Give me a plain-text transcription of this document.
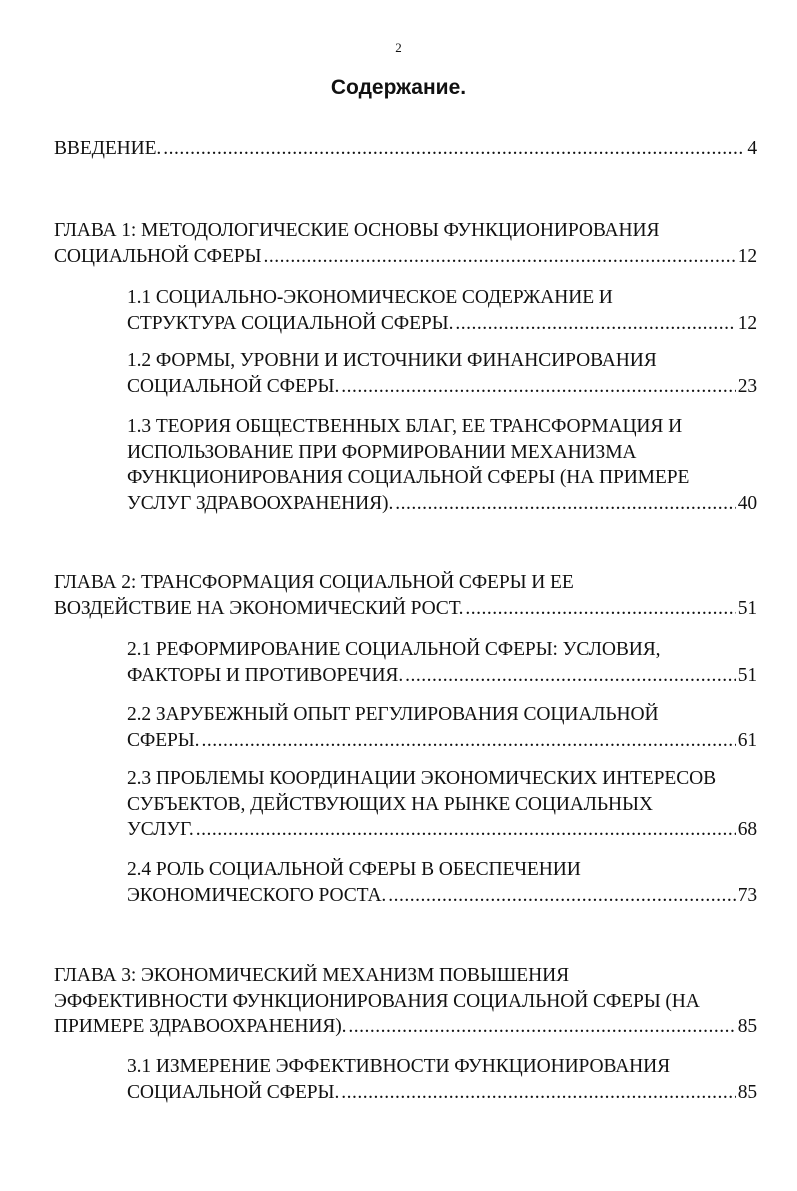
2
Содержание.
ВВЕДЕНИЕ. .....	4
ГЛАВА 1: МЕТОДОЛОГИЧЕСКИЕ ОСНОВЫ ФУНКЦИОНИРОВАНИЯ
СОЦИАЛЬНОЙ СФЕРЫ .....	12
1.1 СОЦИАЛЬНО-ЭКОНОМИЧЕСКОЕ СОДЕРЖАНИЕ И
СТРУКТУРА СОЦИАЛЬНОЙ СФЕРЫ. .....	12
1.2 ФОРМЫ, УРОВНИ И ИСТОЧНИКИ ФИНАНСИРОВАНИЯ
СОЦИАЛЬНОЙ СФЕРЫ. .....	23
1.3 ТЕОРИЯ ОБЩЕСТВЕННЫХ БЛАГ, ЕЕ ТРАНСФОРМАЦИЯ И
ИСПОЛЬЗОВАНИЕ ПРИ ФОРМИРОВАНИИ МЕХАНИЗМА
ФУНКЦИОНИРОВАНИЯ СОЦИАЛЬНОЙ СФЕРЫ (НА ПРИМЕРЕ
УСЛУГ ЗДРАВООХРАНЕНИЯ). .....	40
ГЛАВА 2: ТРАНСФОРМАЦИЯ СОЦИАЛЬНОЙ СФЕРЫ И ЕЕ
ВОЗДЕЙСТВИЕ НА ЭКОНОМИЧЕСКИЙ РОСТ. .....	51
2.1 РЕФОРМИРОВАНИЕ СОЦИАЛЬНОЙ СФЕРЫ: УСЛОВИЯ,
ФАКТОРЫ И ПРОТИВОРЕЧИЯ. .....	51
2.2 ЗАРУБЕЖНЫЙ ОПЫТ РЕГУЛИРОВАНИЯ СОЦИАЛЬНОЙ
СФЕРЫ. .....	61
2.3 ПРОБЛЕМЫ КООРДИНАЦИИ ЭКОНОМИЧЕСКИХ ИНТЕРЕСОВ
СУБЪЕКТОВ, ДЕЙСТВУЮЩИХ НА РЫНКЕ СОЦИАЛЬНЫХ
УСЛУГ. .....	68
2.4 РОЛЬ СОЦИАЛЬНОЙ СФЕРЫ В ОБЕСПЕЧЕНИИ
ЭКОНОМИЧЕСКОГО РОСТА. .....	73
ГЛАВА 3: ЭКОНОМИЧЕСКИЙ МЕХАНИЗМ ПОВЫШЕНИЯ
ЭФФЕКТИВНОСТИ ФУНКЦИОНИРОВАНИЯ СОЦИАЛЬНОЙ СФЕРЫ (НА
ПРИМЕРЕ ЗДРАВООХРАНЕНИЯ). .....	85
3.1 ИЗМЕРЕНИЕ ЭФФЕКТИВНОСТИ ФУНКЦИОНИРОВАНИЯ
СОЦИАЛЬНОЙ СФЕРЫ. .....	85
